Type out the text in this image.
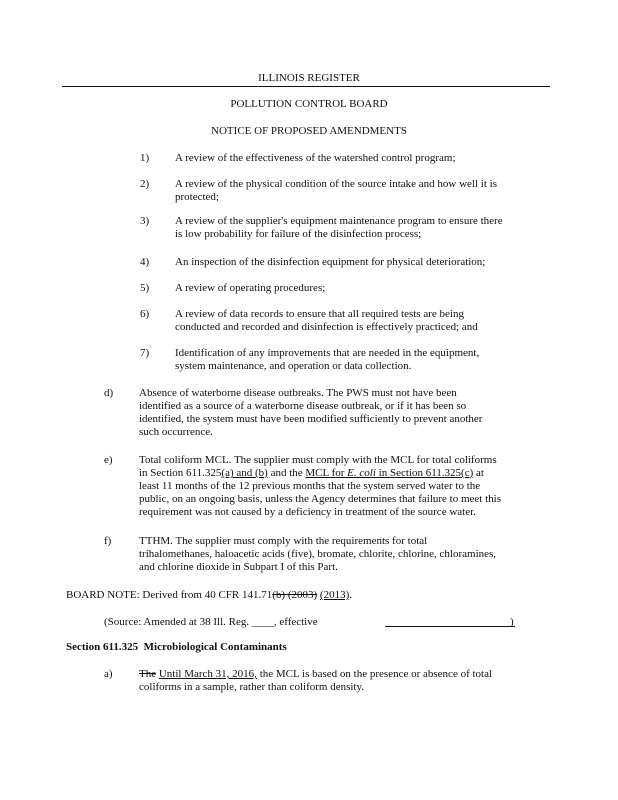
ILLINOIS REGISTER
POLLUTION CONTROL BOARD
NOTICE OF PROPOSED AMENDMENTS
1)	A review of the effectiveness of the watershed control program;
2)	A review of the physical condition of the source intake and how well it is
protected;
3)	A review of the supplier's equipment maintenance program to ensure there
is low probability for failure of the disinfection process;
4)	An inspection of the disinfection equipment for physical deterioration;
5)	A review of operating procedures;
6)	A review of data records to ensure that all required tests are being
conducted and recorded and disinfection is effectively practiced; and
7)	Identification of any improvements that are needed in the equipment,
system maintenance, and operation or data collection.
d)	Absence of waterborne disease outbreaks. The PWS must not have been
identified as a source of a waterborne disease outbreak, or if it has been so
identified, the system must have been modified sufficiently to prevent another
such occurrence.
e)	Total coliform MCL. The supplier must comply with the MCL for total coliforms
in Section 611.325(a) and (b) and the MCL for E. coli in Section 611.325(c) at
least 11 months of the 12 previous months that the system served water to the
public, on an ongoing basis, unless the Agency determines that failure to meet this
requirement was not caused by a deficiency in treatment of the source water.
f)	TTHM. The supplier must comply with the requirements for total
trihalomethanes, haloacetic acids (five), bromate, chlorite, chlorine, chloramines,
and chlorine dioxide in Subpart I of this Part.
BOARD NOTE: Derived from 40 CFR 141.71(b) (2003) (2013).
(Source: Amended at 38 Ill. Reg. ____, effective	)
Section 611.325 Microbiological Contaminants
a)	The Until March 31, 2016, the MCL is based on the presence or absence of total
coliforms in a sample, rather than coliform density.
